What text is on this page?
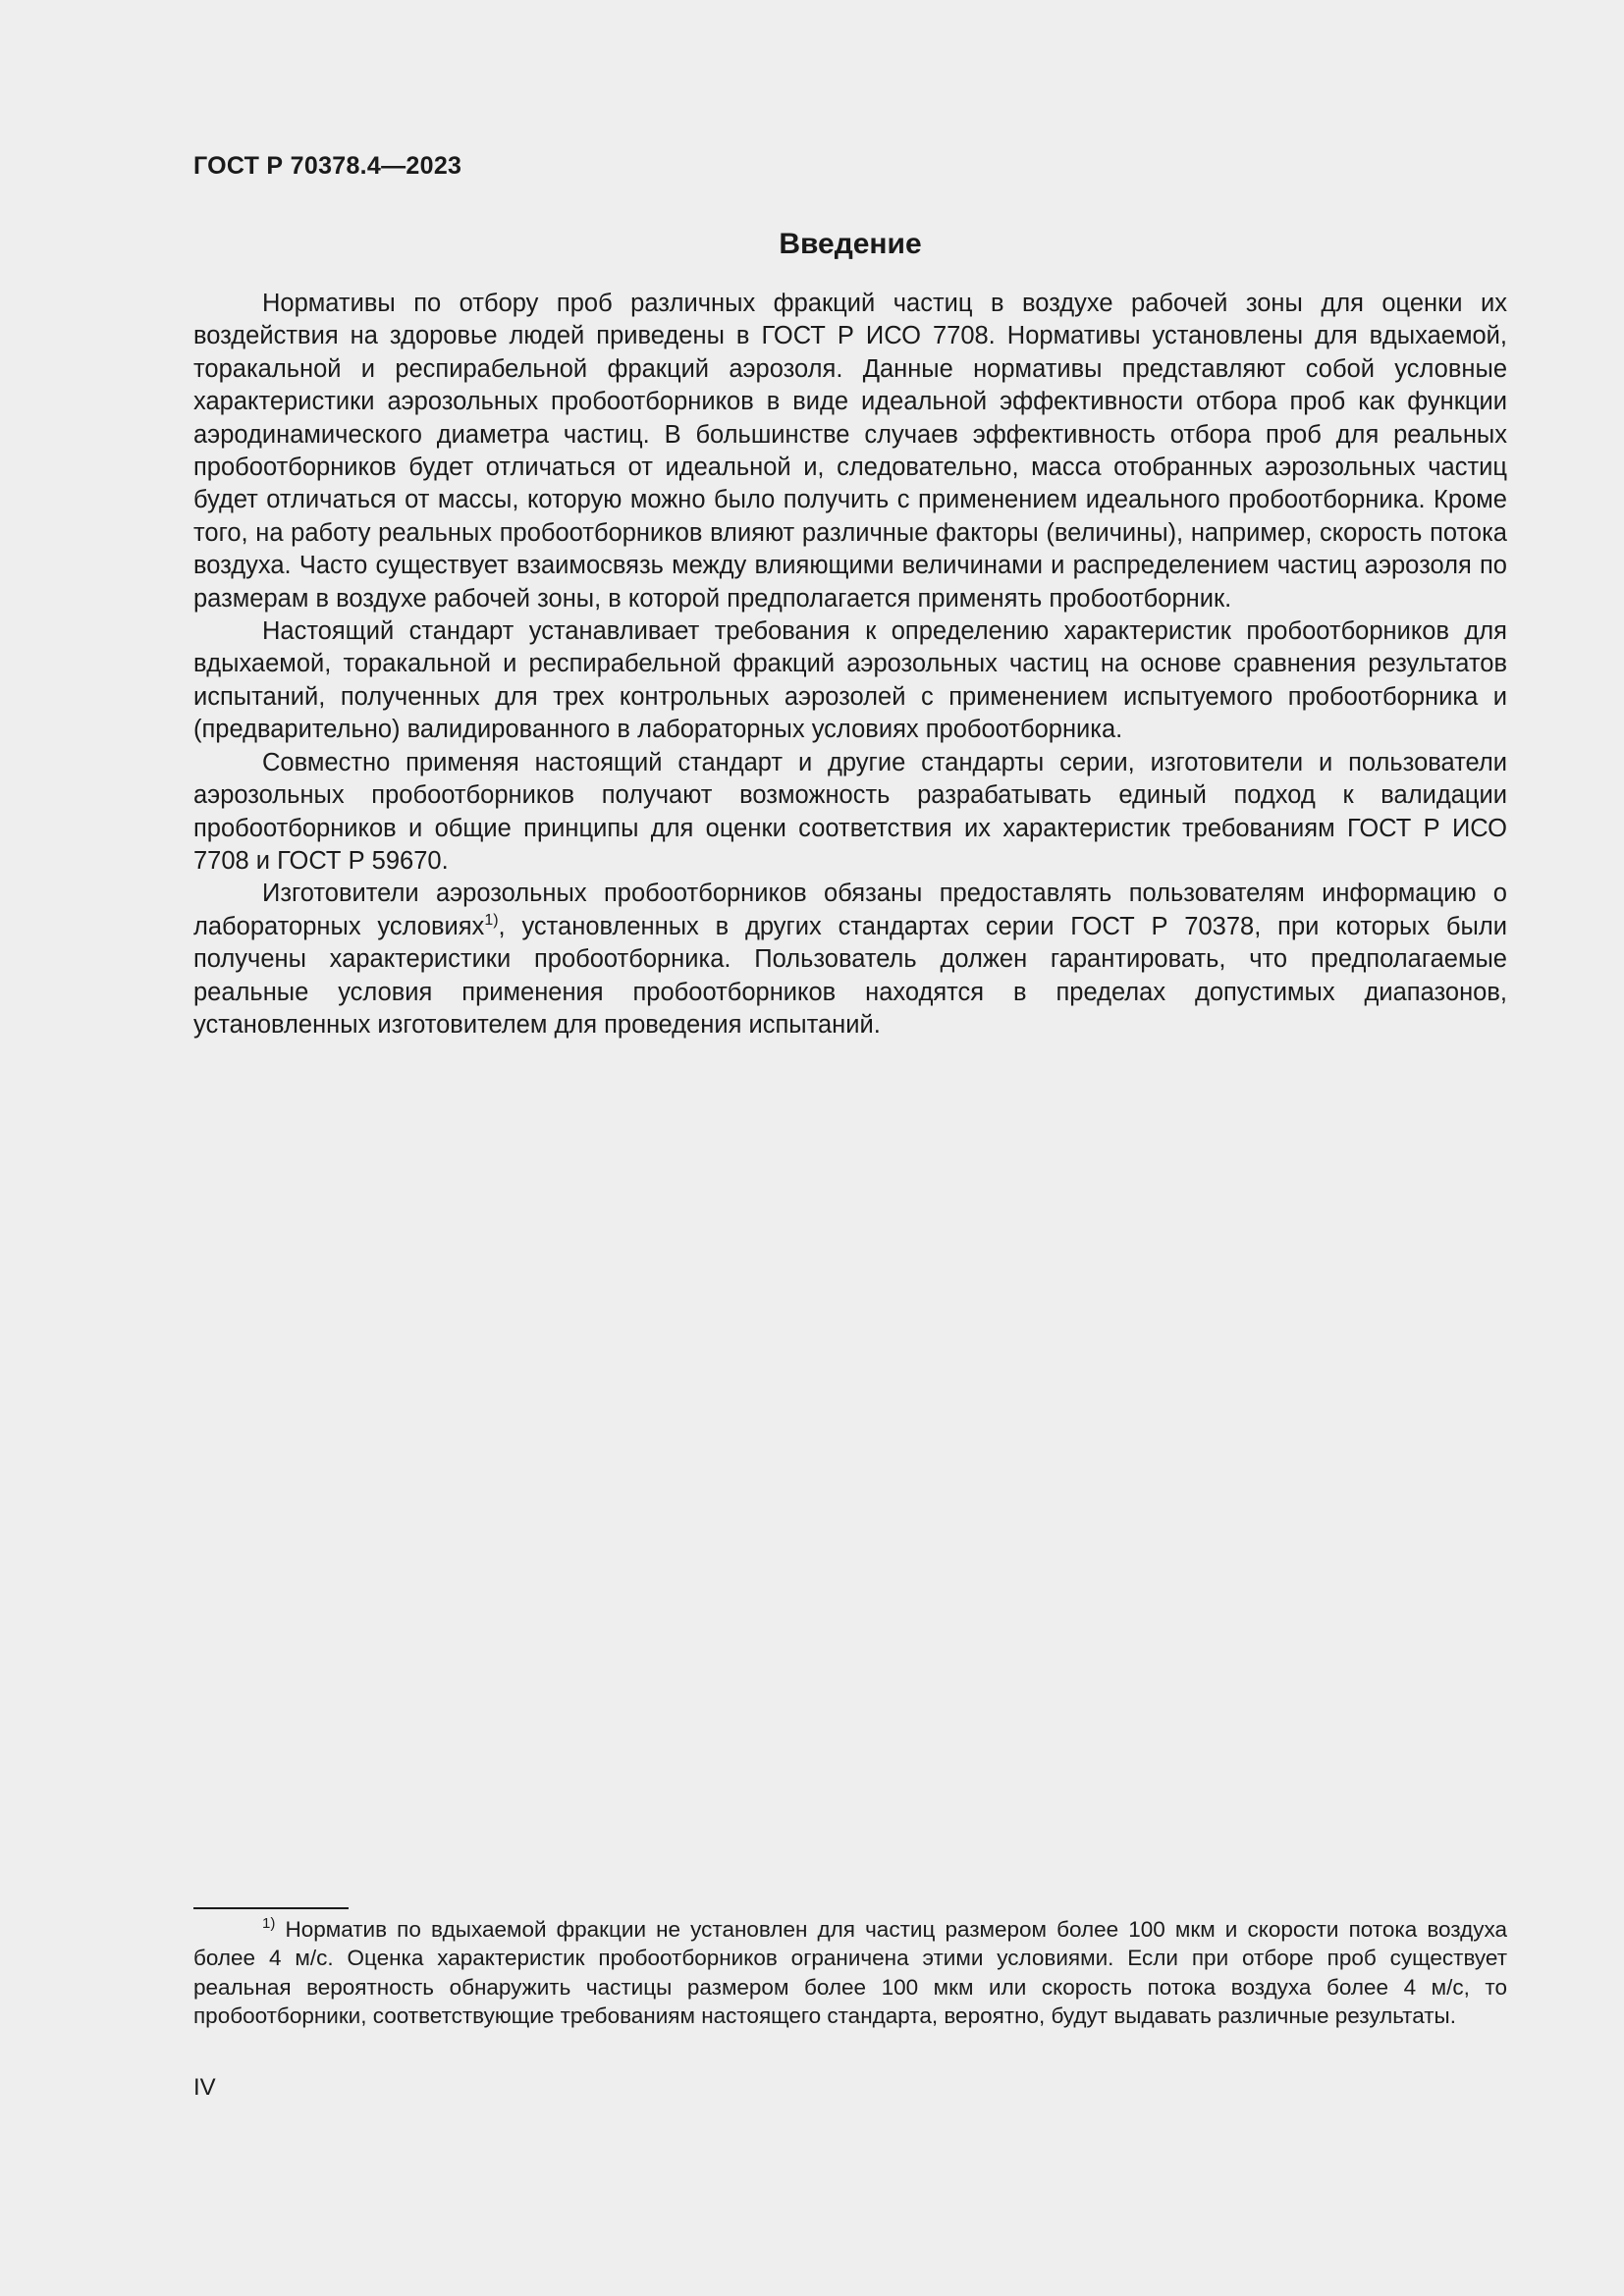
ГОСТ Р 70378.4—2023
Введение

Нормативы по отбору проб различных фракций частиц в воздухе рабочей зоны для оценки их воздействия на здоровье людей приведены в ГОСТ Р ИСО 7708. Нормативы установлены для вдыхаемой, торакальной и респирабельной фракций аэрозоля. Данные нормативы представляют собой условные характеристики аэрозольных пробоотборников в виде идеальной эффективности отбора проб как функции аэродинамического диаметра частиц. В большинстве случаев эффективность отбора проб для реальных пробоотборников будет отличаться от идеальной и, следовательно, масса отобранных аэрозольных частиц будет отличаться от массы, которую можно было получить с применением идеального пробоотборника. Кроме того, на работу реальных пробоотборников влияют различные факторы (величины), например, скорость потока воздуха. Часто существует взаимосвязь между влияющими величинами и распределением частиц аэрозоля по размерам в воздухе рабочей зоны, в которой предполагается применять пробоотборник.

Настоящий стандарт устанавливает требования к определению характеристик пробоотборников для вдыхаемой, торакальной и респирабельной фракций аэрозольных частиц на основе сравнения результатов испытаний, полученных для трех контрольных аэрозолей с применением испытуемого пробоотборника и (предварительно) валидированного в лабораторных условиях пробоотборника.

Совместно применяя настоящий стандарт и другие стандарты серии, изготовители и пользователи аэрозольных пробоотборников получают возможность разрабатывать единый подход к валидации пробоотборников и общие принципы для оценки соответствия их характеристик требованиям ГОСТ Р ИСО 7708 и ГОСТ Р 59670.

Изготовители аэрозольных пробоотборников обязаны предоставлять пользователям информацию о лабораторных условиях$^{1)}$, установленных в других стандартах серии ГОСТ Р 70378, при которых были получены характеристики пробоотборника. Пользователь должен гарантировать, что предполагаемые реальные условия применения пробоотборников находятся в пределах допустимых диапазонов, установленных изготовителем для проведения испытаний.

$^{1)}$ Норматив по вдыхаемой фракции не установлен для частиц размером более 100 мкм и скорости потока воздуха более 4 м/с. Оценка характеристик пробоотборников ограничена этими условиями. Если при отборе проб существует реальная вероятность обнаружить частицы размером более 100 мкм или скорость потока воздуха более 4 м/с, то пробоотборники, соответствующие требованиям настоящего стандарта, вероятно, будут выдавать различные результаты.

IV
